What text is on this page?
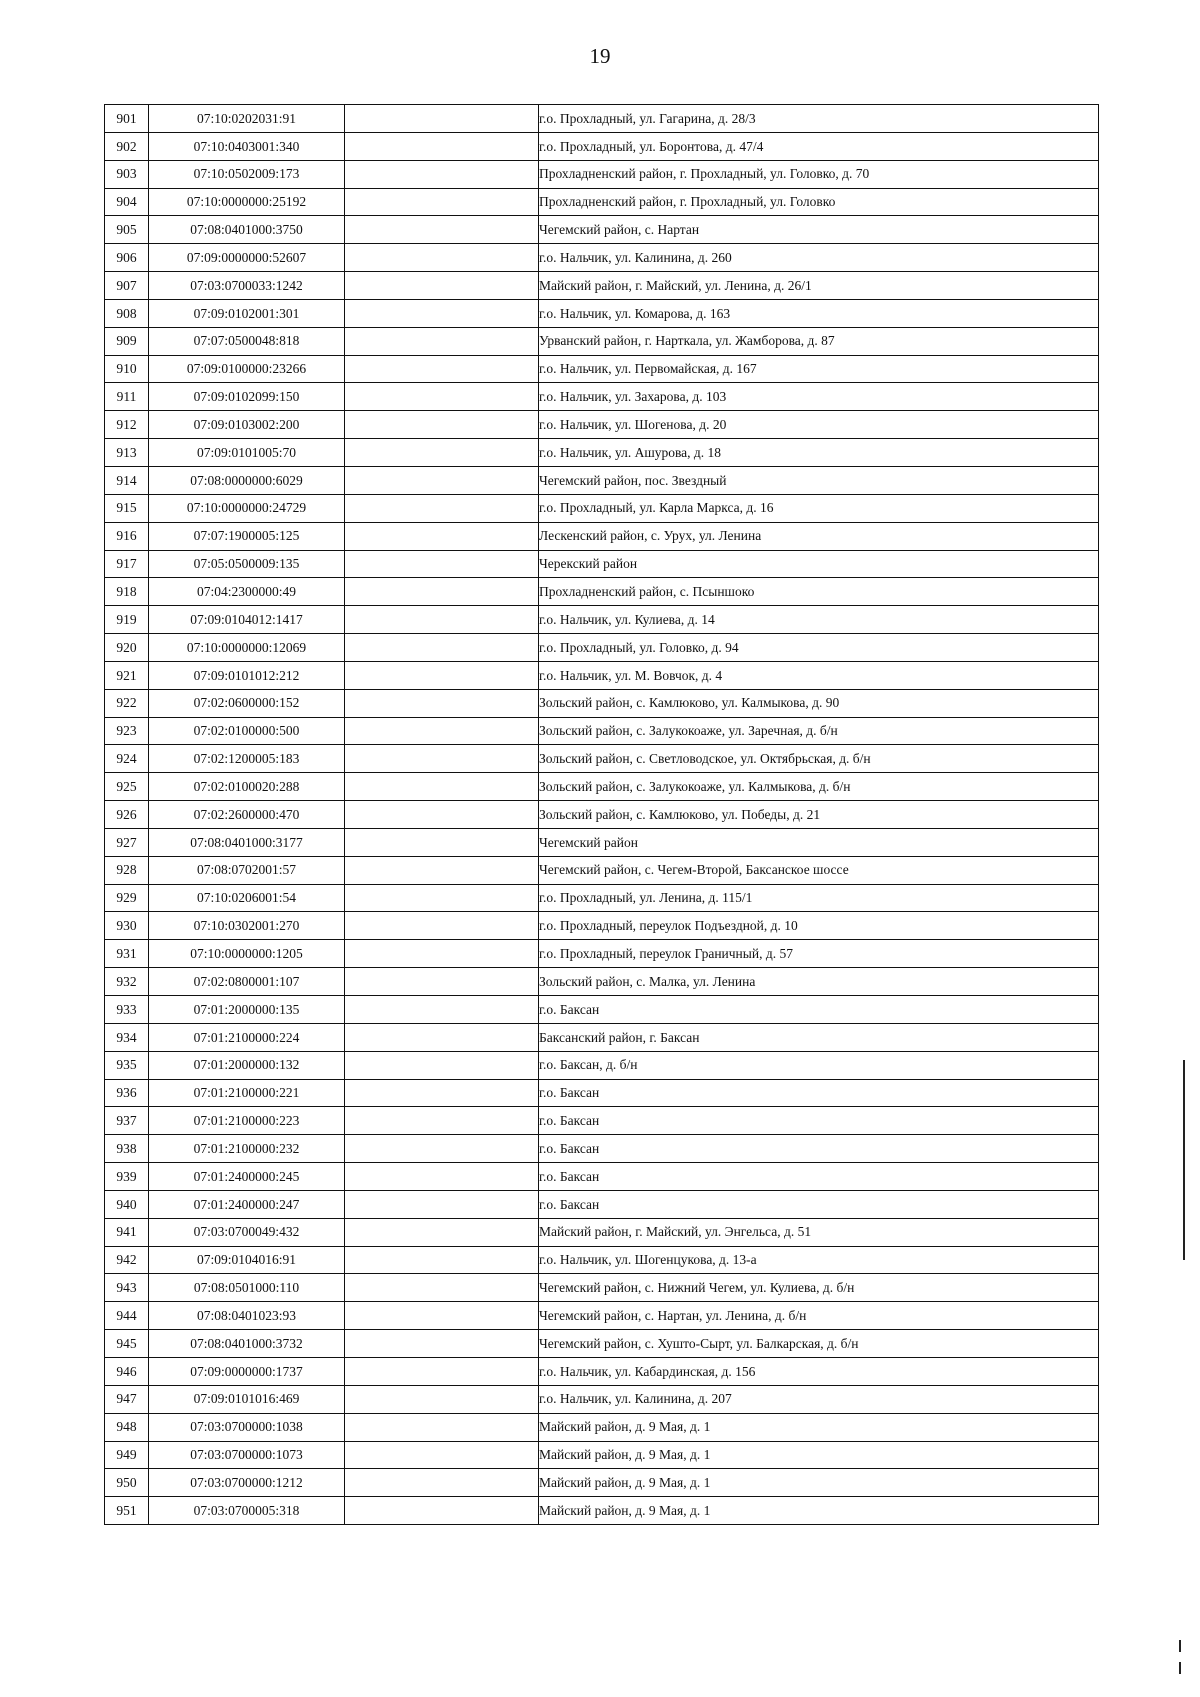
19
901	07:10:0202031:91		г.о. Прохладный, ул. Гагарина, д. 28/3
902	07:10:0403001:340		г.о. Прохладный, ул. Боронтова, д. 47/4
903	07:10:0502009:173		Прохладненский район, г. Прохладный, ул. Головко, д. 70
904	07:10:0000000:25192		Прохладненский район, г. Прохладный, ул. Головко
905	07:08:0401000:3750		Чегемский район, с. Нартан
906	07:09:0000000:52607		г.о. Нальчик, ул. Калинина, д. 260
907	07:03:0700033:1242		Майский район, г. Майский, ул. Ленина, д. 26/1
908	07:09:0102001:301		г.о. Нальчик, ул. Комарова, д. 163
909	07:07:0500048:818		Урванский район, г. Нарткала, ул. Жамборова, д. 87
910	07:09:0100000:23266		г.о. Нальчик, ул. Первомайская, д. 167
911	07:09:0102099:150		г.о. Нальчик, ул. Захарова, д. 103
912	07:09:0103002:200		г.о. Нальчик, ул. Шогенова, д. 20
913	07:09:0101005:70		г.о. Нальчик, ул. Ашурова, д. 18
914	07:08:0000000:6029		Чегемский район, пос. Звездный
915	07:10:0000000:24729		г.о. Прохладный, ул. Карла Маркса, д. 16
916	07:07:1900005:125		Лескенский район, с. Урух, ул. Ленина
917	07:05:0500009:135		Черекский район
918	07:04:2300000:49		Прохладненский район, с. Псыншоко
919	07:09:0104012:1417		г.о. Нальчик, ул. Кулиева, д. 14
920	07:10:0000000:12069		г.о. Прохладный, ул. Головко, д. 94
921	07:09:0101012:212		г.о. Нальчик, ул. М. Вовчок, д. 4
922	07:02:0600000:152		Зольский район, с. Камлюково, ул. Калмыкова, д. 90
923	07:02:0100000:500		Зольский район, с. Залукокоаже, ул. Заречная, д. б/н
924	07:02:1200005:183		Зольский район, с. Светловодское, ул. Октябрьская, д. б/н
925	07:02:0100020:288		Зольский район, с. Залукокоаже, ул. Калмыкова, д. б/н
926	07:02:2600000:470		Зольский район, с. Камлюково, ул. Победы, д. 21
927	07:08:0401000:3177		Чегемский район
928	07:08:0702001:57		Чегемский район, с. Чегем-Второй, Баксанское шоссе
929	07:10:0206001:54		г.о. Прохладный, ул. Ленина, д. 115/1
930	07:10:0302001:270		г.о. Прохладный, переулок Подъездной, д. 10
931	07:10:0000000:1205		г.о. Прохладный, переулок Граничный, д. 57
932	07:02:0800001:107		Зольский район, с. Малка, ул. Ленина
933	07:01:2000000:135		г.о. Баксан
934	07:01:2100000:224		Баксанский район, г. Баксан
935	07:01:2000000:132		г.о. Баксан, д. б/н
936	07:01:2100000:221		г.о. Баксан
937	07:01:2100000:223		г.о. Баксан
938	07:01:2100000:232		г.о. Баксан
939	07:01:2400000:245		г.о. Баксан
940	07:01:2400000:247		г.о. Баксан
941	07:03:0700049:432		Майский район, г. Майский, ул. Энгельса, д. 51
942	07:09:0104016:91		г.о. Нальчик, ул. Шогенцукова, д. 13-а
943	07:08:0501000:110		Чегемский район, с. Нижний Чегем, ул. Кулиева, д. б/н
944	07:08:0401023:93		Чегемский район, с. Нартан, ул. Ленина, д. б/н
945	07:08:0401000:3732		Чегемский район, с. Хушто-Сырт, ул. Балкарская, д. б/н
946	07:09:0000000:1737		г.о. Нальчик, ул. Кабардинская, д. 156
947	07:09:0101016:469		г.о. Нальчик, ул. Калинина, д. 207
948	07:03:0700000:1038		Майский район, д. 9 Мая, д. 1
949	07:03:0700000:1073		Майский район, д. 9 Мая, д. 1
950	07:03:0700000:1212		Майский район, д. 9 Мая, д. 1
951	07:03:0700005:318		Майский район, д. 9 Мая, д. 1
